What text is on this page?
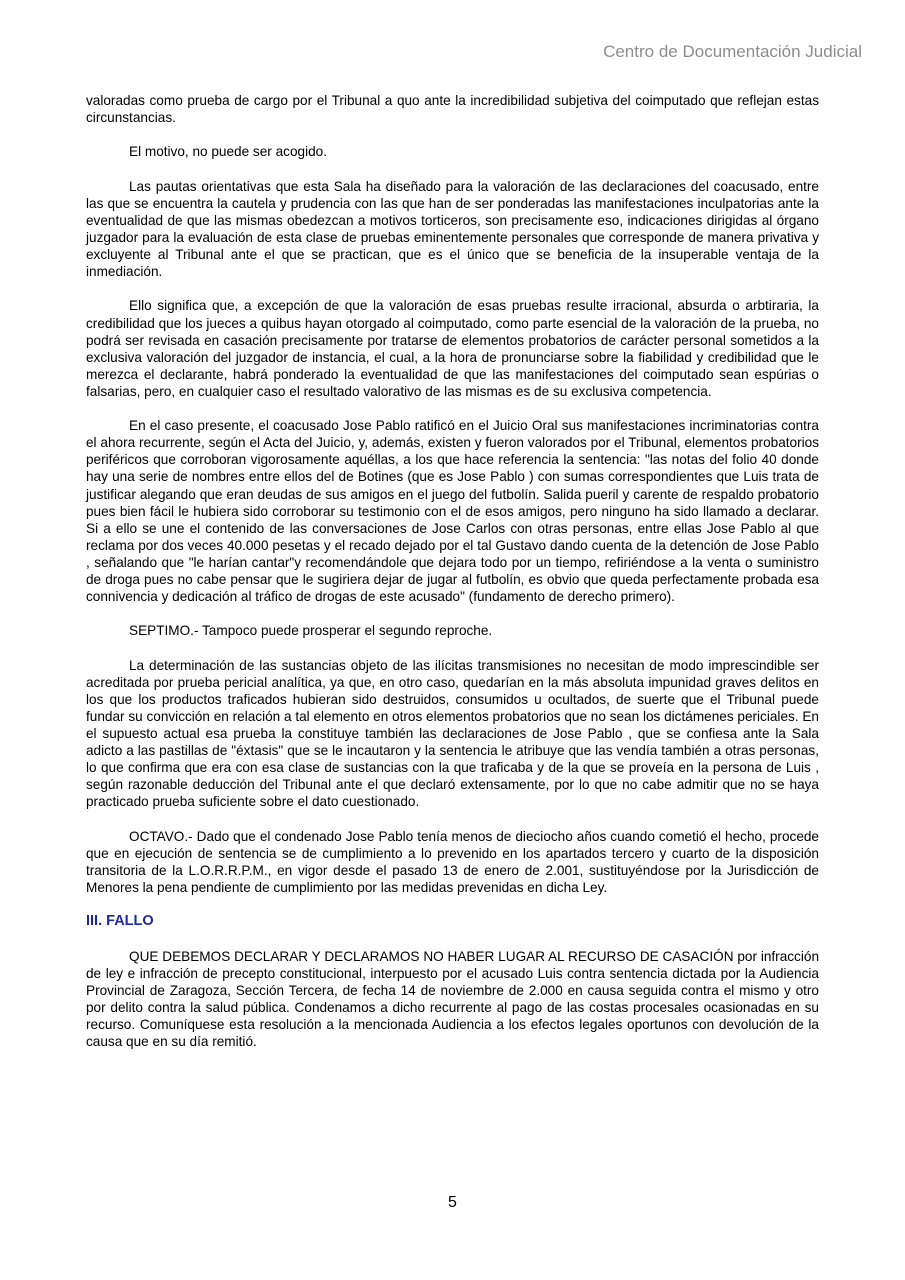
Centro de Documentación Judicial

valoradas como prueba de cargo por el Tribunal a quo ante la incredibilidad subjetiva del coimputado que reflejan estas circunstancias.

El motivo, no puede ser acogido.

Las pautas orientativas que esta Sala ha diseñado para la valoración de las declaraciones del coacusado, entre las que se encuentra la cautela y prudencia con las que han de ser ponderadas las manifestaciones inculpatorias ante la eventualidad de que las mismas obedezcan a motivos torticeros, son precisamente eso, indicaciones dirigidas al órgano juzgador para la evaluación de esta clase de pruebas eminentemente personales que corresponde de manera privativa y excluyente al Tribunal ante el que se practican, que es el único que se beneficia de la insuperable ventaja de la inmediación.

Ello significa que, a excepción de que la valoración de esas pruebas resulte irracional, absurda o arbtiraria, la credibilidad que los jueces a quibus hayan otorgado al coimputado, como parte esencial de la valoración de la prueba, no podrá ser revisada en casación precisamente por tratarse de elementos probatorios de carácter personal sometidos a la exclusiva valoración del juzgador de instancia, el cual, a la hora de pronunciarse sobre la fiabilidad y credibilidad que le merezca el declarante, habrá ponderado la eventualidad de que las manifestaciones del coimputado sean espúrias o falsarias, pero, en cualquier caso el resultado valorativo de las mismas es de su exclusiva competencia.

En el caso presente, el coacusado Jose Pablo ratificó en el Juicio Oral sus manifestaciones incriminatorias contra el ahora recurrente, según el Acta del Juicio, y, además, existen y fueron valorados por el Tribunal, elementos probatorios periféricos que corroboran vigorosamente aquéllas, a los que hace referencia la sentencia: "las notas del folio 40 donde hay una serie de nombres entre ellos del de Botines (que es Jose Pablo ) con sumas correspondientes que Luis trata de justificar alegando que eran deudas de sus amigos en el juego del futbolín. Salida pueril y carente de respaldo probatorio pues bien fácil le hubiera sido corroborar su testimonio con el de esos amigos, pero ninguno ha sido llamado a declarar. Si a ello se une el contenido de las conversaciones de Jose Carlos con otras personas, entre ellas Jose Pablo al que reclama por dos veces 40.000 pesetas y el recado dejado por el tal Gustavo dando cuenta de la detención de Jose Pablo , señalando que "le harían cantar"y recomendándole que dejara todo por un tiempo, refiriéndose a la venta o suministro de droga pues no cabe pensar que le sugiriera dejar de jugar al futbolín, es obvio que queda perfectamente probada esa connivencia y dedicación al tráfico de drogas de este acusado" (fundamento de derecho primero).

SEPTIMO.- Tampoco puede prosperar el segundo reproche.

La determinación de las sustancias objeto de las ilícitas transmisiones no necesitan de modo imprescindible ser acreditada por prueba pericial analítica, ya que, en otro caso, quedarían en la más absoluta impunidad graves delitos en los que los productos traficados hubieran sido destruidos, consumidos u ocultados, de suerte que el Tribunal puede fundar su convicción en relación a tal elemento en otros elementos probatorios que no sean los dictámenes periciales. En el supuesto actual esa prueba la constituye también las declaraciones de Jose Pablo , que se confiesa ante la Sala adicto a las pastillas de "éxtasis" que se le incautaron y la sentencia le atribuye que las vendía también a otras personas, lo que confirma que era con esa clase de sustancias con la que traficaba y de la que se proveía en la persona de Luis , según razonable deducción del Tribunal ante el que declaró extensamente, por lo que no cabe admitir que no se haya practicado prueba suficiente sobre el dato cuestionado.

OCTAVO.- Dado que el condenado Jose Pablo tenía menos de dieciocho años cuando cometió el hecho, procede que en ejecución de sentencia se de cumplimiento a lo prevenido en los apartados tercero y cuarto de la disposición transitoria de la L.O.R.R.P.M., en vigor desde el pasado 13 de enero de 2.001, sustituyéndose por la Jurisdicción de Menores la pena pendiente de cumplimiento por las medidas prevenidas en dicha Ley.

III. FALLO

QUE DEBEMOS DECLARAR Y DECLARAMOS NO HABER LUGAR AL RECURSO DE CASACIÓN por infracción de ley e infracción de precepto constitucional, interpuesto por el acusado Luis contra sentencia dictada por la Audiencia Provincial de Zaragoza, Sección Tercera, de fecha 14 de noviembre de 2.000 en causa seguida contra el mismo y otro por delito contra la salud pública. Condenamos a dicho recurrente al pago de las costas procesales ocasionadas en su recurso. Comuníquese esta resolución a la mencionada Audiencia a los efectos legales oportunos con devolución de la causa que en su día remitió.

5
